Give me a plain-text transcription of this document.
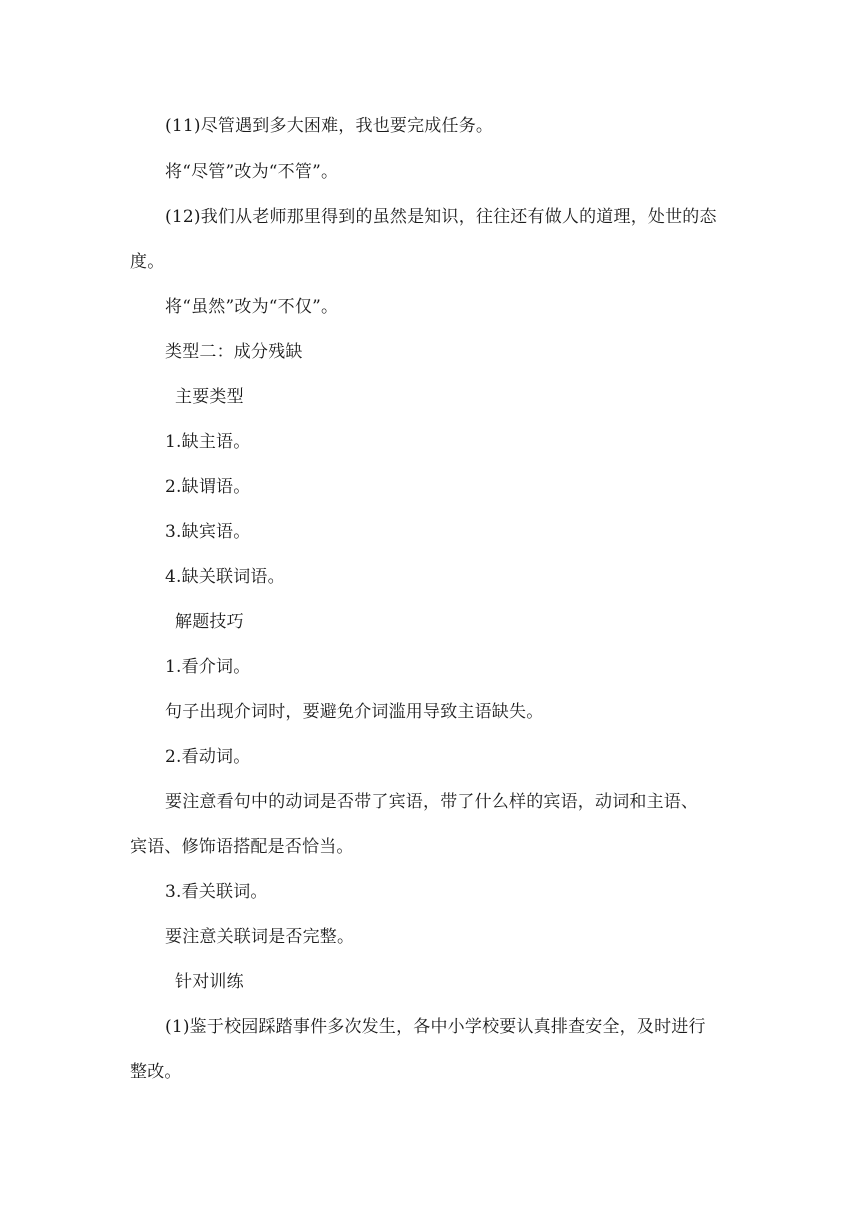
(11)尽管遇到多大困难，我也要完成任务。
将“尽管”改为“不管”。
(12)我们从老师那里得到的虽然是知识，往往还有做人的道理，处世的态
度。
将“虽然”改为“不仅”。
类型二：成分残缺
主要类型
1.缺主语。
2.缺谓语。
3.缺宾语。
4.缺关联词语。
解题技巧
1.看介词。
句子出现介词时，要避免介词滥用导致主语缺失。
2.看动词。
要注意看句中的动词是否带了宾语，带了什么样的宾语，动词和主语、
宾语、修饰语搭配是否恰当。
3.看关联词。
要注意关联词是否完整。
针对训练
(1)鉴于校园踩踏事件多次发生，各中小学校要认真排查安全，及时进行
整改。
